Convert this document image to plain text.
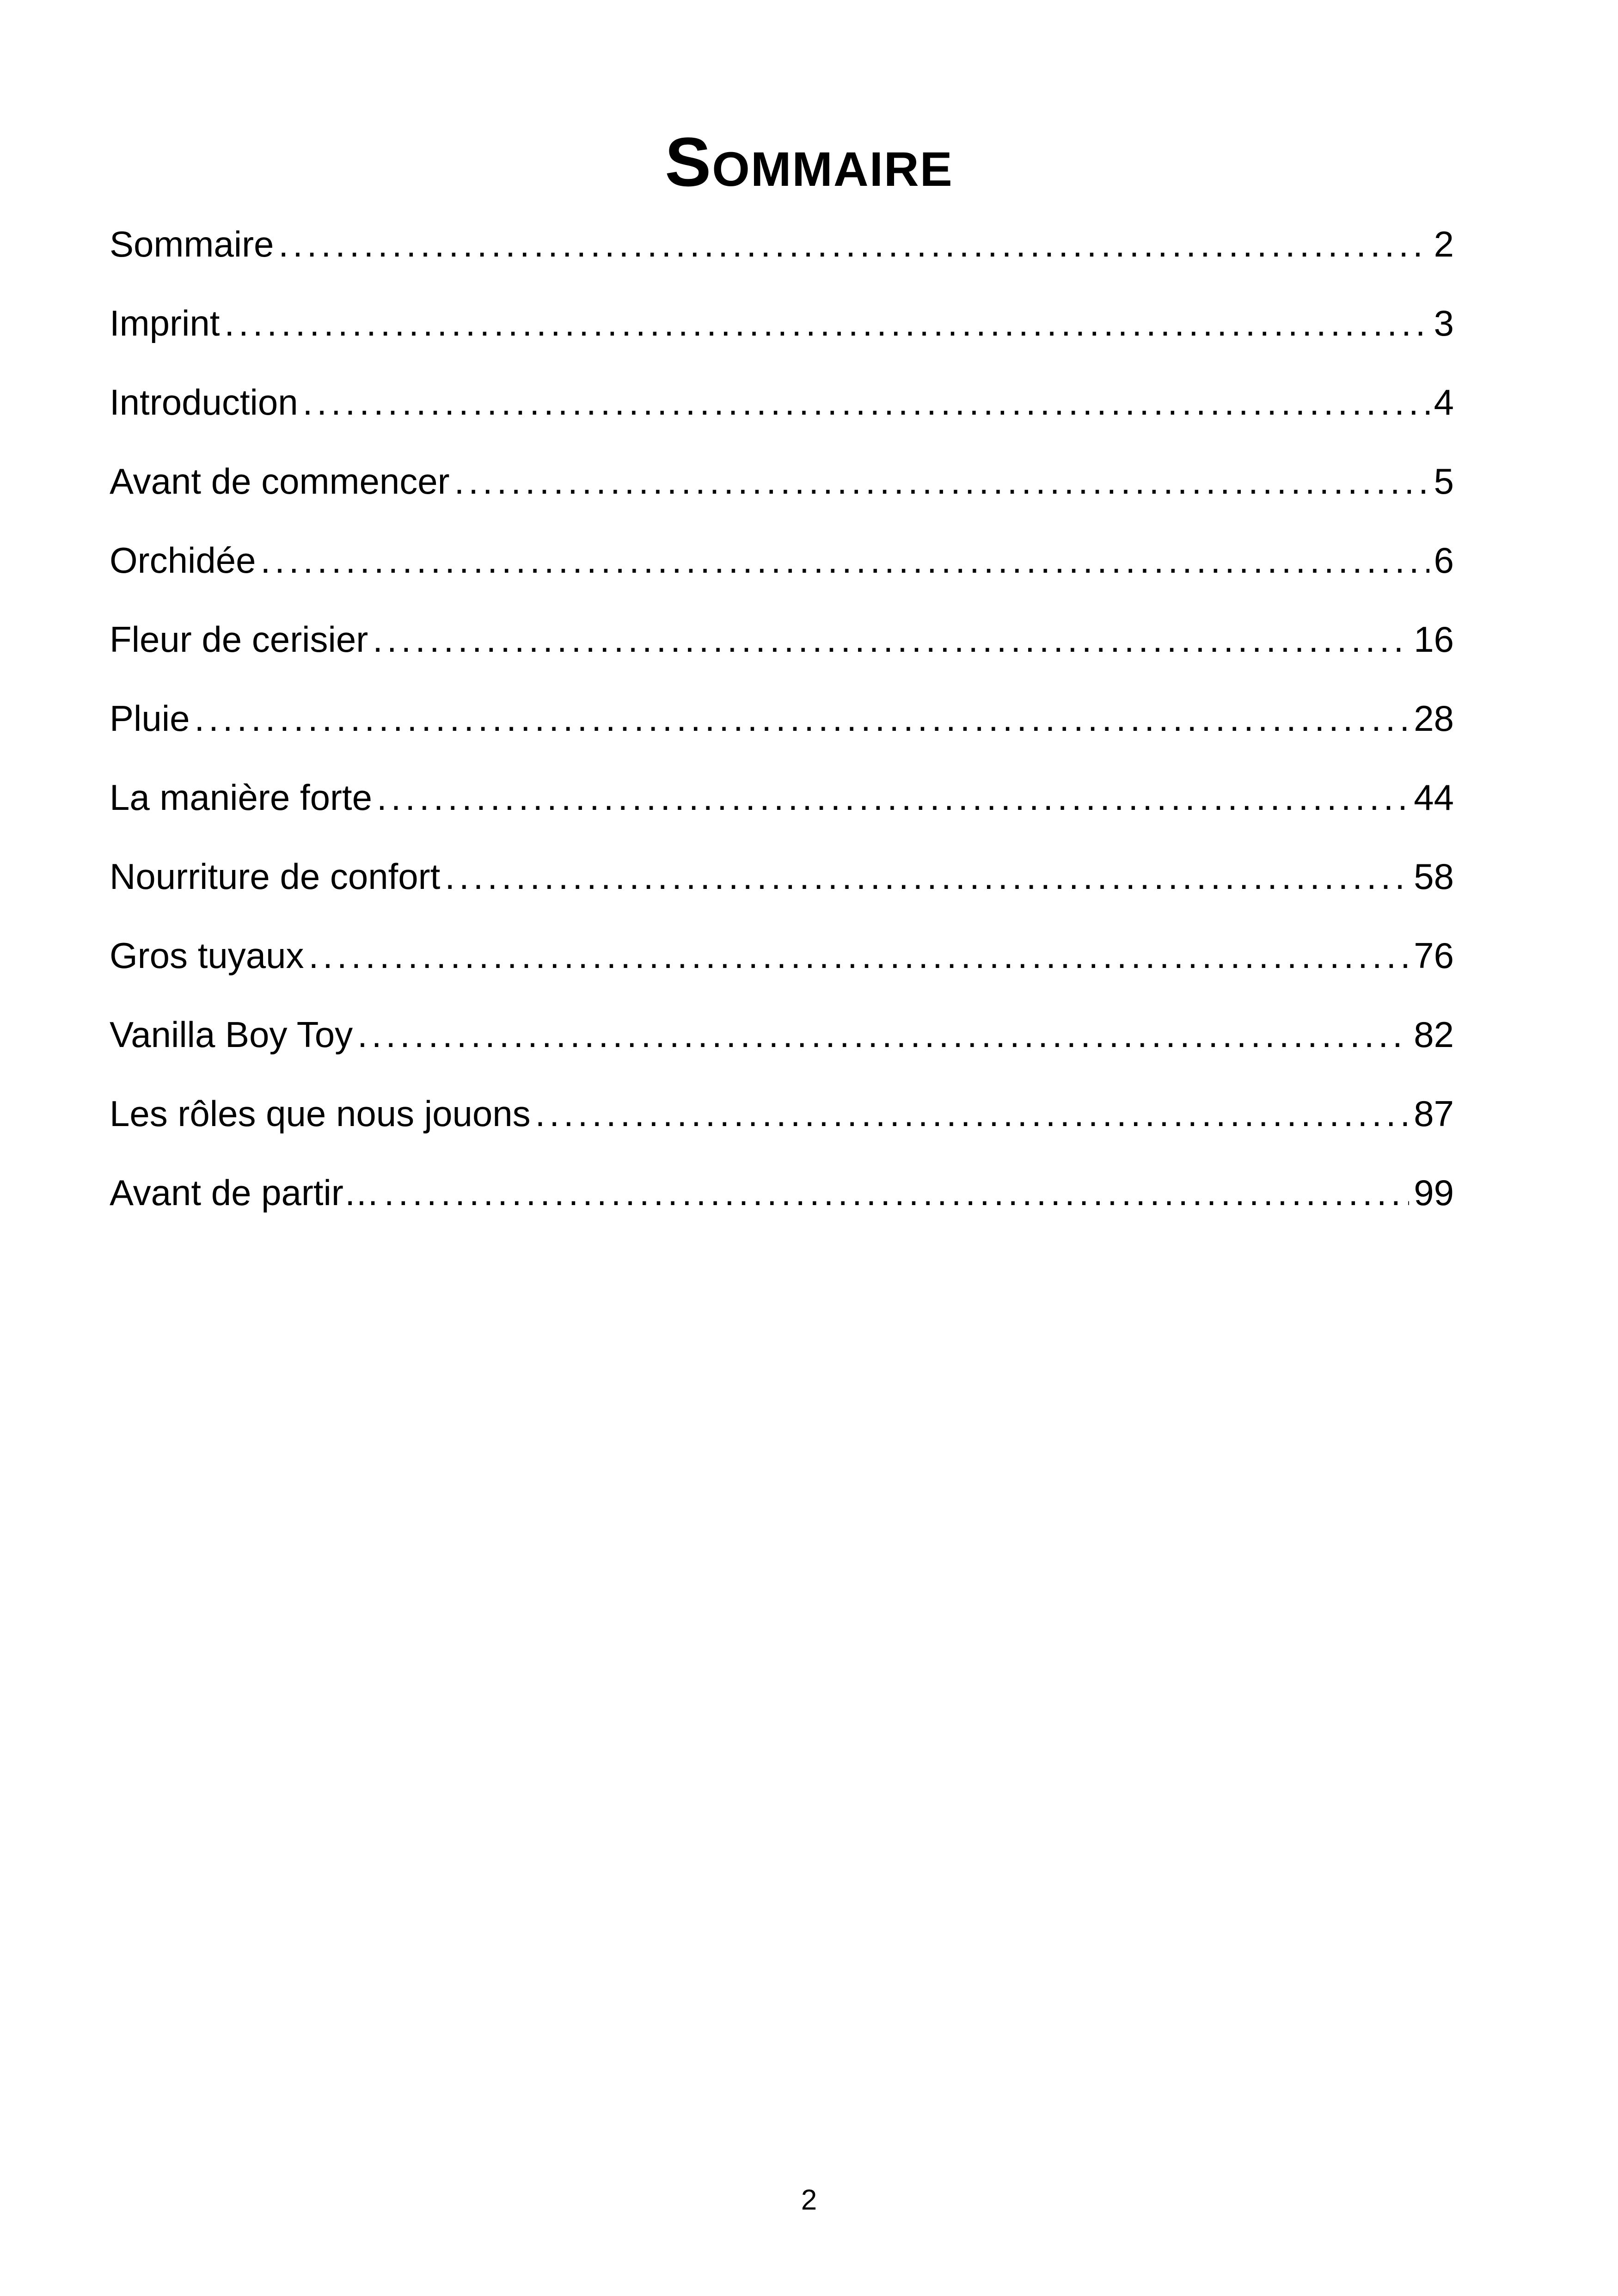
Sommaire
Sommaire .....	2
Imprint .....	3
Introduction .....	4
Avant de commencer .....	5
Orchidée .....	6
Fleur de cerisier .....	16
Pluie .....	28
La manière forte .....	44
Nourriture de confort .....	58
Gros tuyaux .....	76
Vanilla Boy Toy .....	82
Les rôles que nous jouons .....	87
Avant de partir… .....	99
2
